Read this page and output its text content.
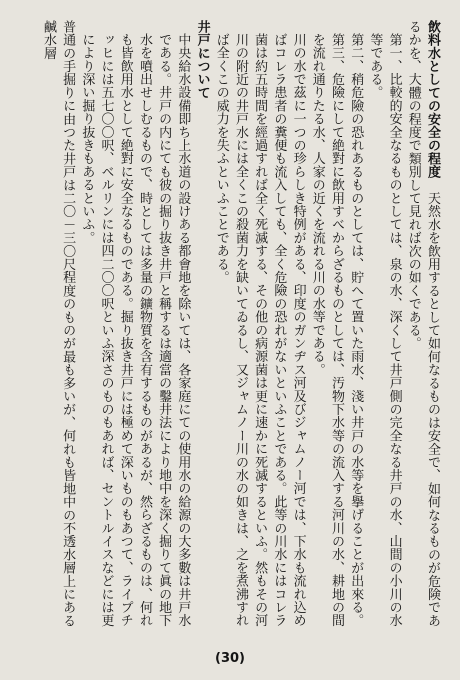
飲料水としての安全の程度　天然水を飲用するとして如何なるものは安全で、如何なるものが危険であるかを、大體の程度で類別して見れば次の如くである。

第一、比較的安全なるものとしては、泉の水、深くして井戸側の完全なる井戸の水、山間の小川の水等である。

第二、稍危險の恐れあるものとしては、貯へて置いた雨水、淺い井戸の水等を擧げることが出來る。

第三、危險にして絶對に飲用すべからざるものとしては、汚物下水等の流入する河川の水、耕地の間を流れ通りたる水、人家の近くを流れる川の水等である。

川の水で茲に一つの珍らしき特例がある、印度のガンヂス河及びジャムノー河では、下水も流れ込めばコレラ患者の糞便も流入しても、全く危險の恐れがないといふことである。此等の川水にはコレラ菌は約五時間を經過すれば全く死滅する、その他の病源菌は更に速かに死滅するといふ。然もその河川の附近の井戸水には全くこの殺菌力を缺いてゐるし、又ジャムノー川の水の如きは、之を煮沸すれば全くこの威力を失ふといふことである。

井戸について

中央給水設備即ち上水道の設けある都會地を除いては、各家庭にての使用水の給源の大多數は井戸水である。井戸の内にても彼の掘り抜き井戸と稱するは適當の鑿井法により地中を深く掘りて眞の地下水を噴出せしむるもので、時としては多量の鑛物質を含有するものがあるが、然らざるものは、何れも皆飲用水として絶對に安全なるものである。掘り抜き井戸には極めて深いものもあつて、ライプチッヒには五七〇〇呎、ベルリンには四二〇〇呎といふ深さのものもあれば、セントルイスなどには更により深い掘り抜きもあるといふ。

普通の手掘りに由つた井戸は二〇－三〇尺程度のものが最も多いが、何れも皆地中の不透水層上にある鹹水層

(30)
